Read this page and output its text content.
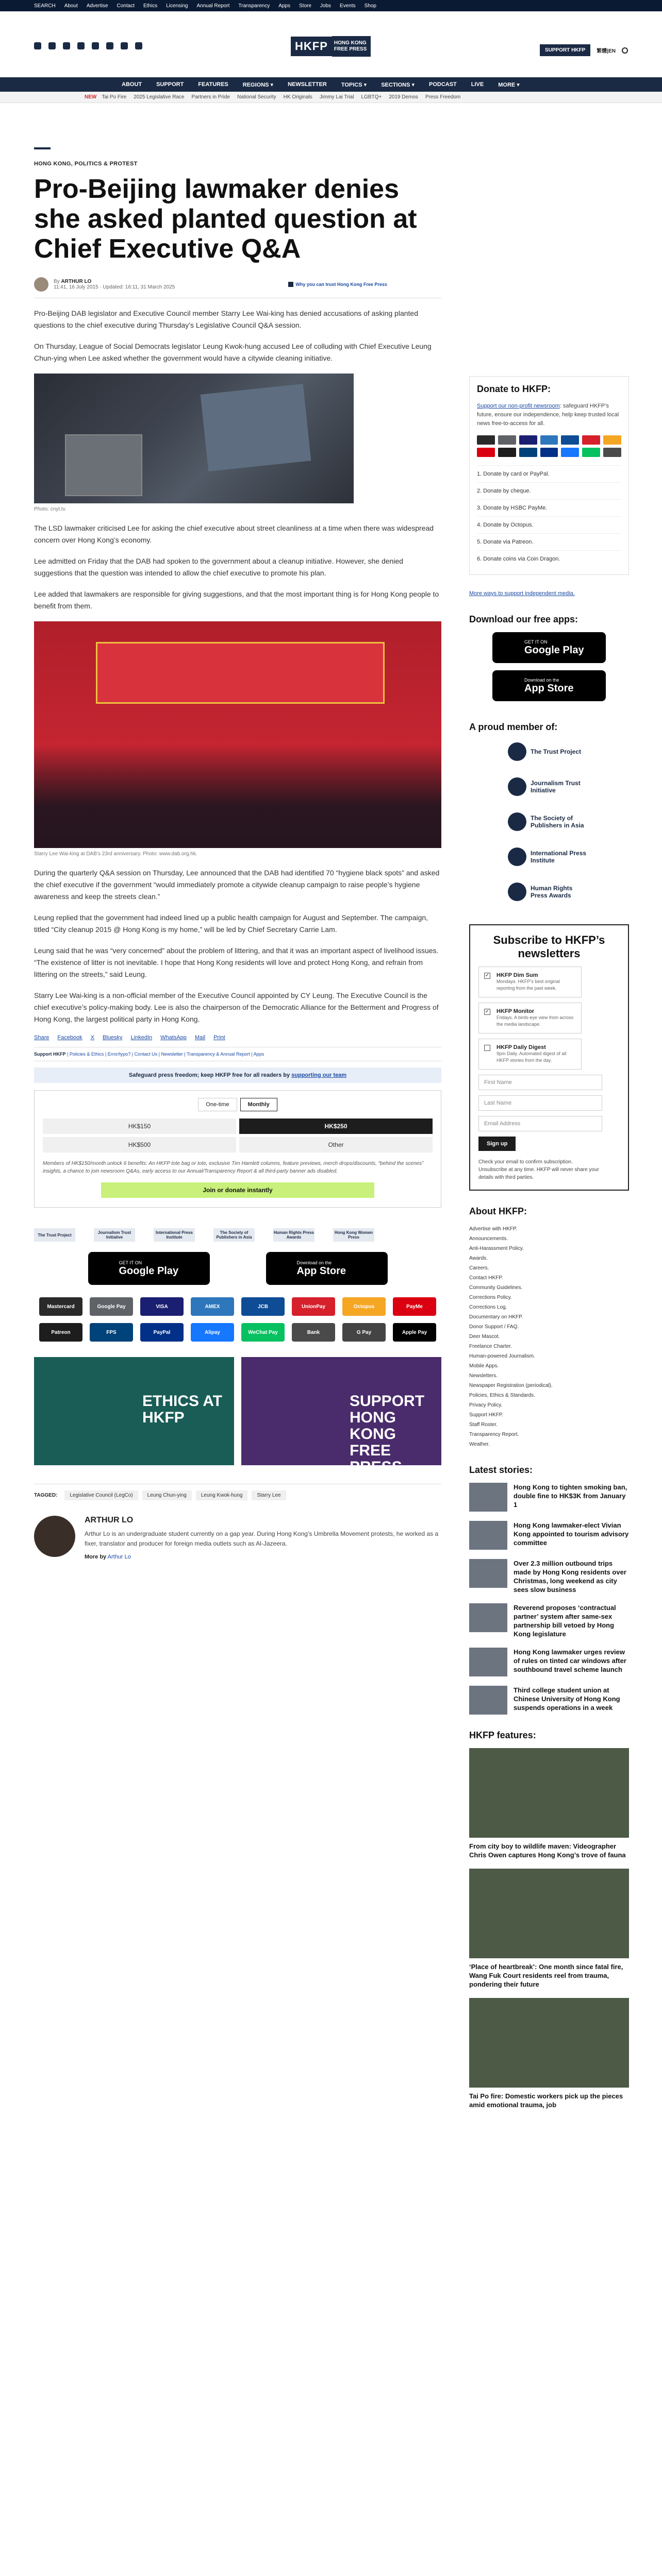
SEARCH About Advertise Contact Ethics Licensing Annual Report Transparency Apps Store Jobs Events Shop
HKFP	HONG KONG
FREE PRESS	SUPPORT HKFP	繁體|EN
ABOUT	SUPPORT	FEATURES	REGIONS ▾	NEWSLETTER	TOPICS ▾	SECTIONS ▾	PODCAST	LIVE	MORE ▾
NEW Tai Po Fire 2025 Legislative Race Partners in Pride National Security HK Originals Jimmy Lai Trial LGBTQ+ 2019 Demos Press Freedom
HONG KONG, POLITICS & PROTEST
Pro-Beijing lawmaker denies she asked planted question at Chief Executive Q&A
By ARTHUR LO
11:41, 16 July 2015 · Updated: 16:11, 31 March 2025	Why you can trust Hong Kong Free Press

Pro-Beijing DAB legislator and Executive Council member Starry Lee Wai-king has denied accusations of asking planted questions to the chief executive during Thursday’s Legislative Council Q&A session.

On Thursday, League of Social Democrats legislator Leung Kwok-hung accused Lee of colluding with Chief Executive Leung Chun-ying when Lee asked whether the government would have a citywide cleaning initiative.

Photo: cnyt.tv.

The LSD lawmaker criticised Lee for asking the chief executive about street cleanliness at a time when there was widespread concern over Hong Kong’s economy.

Lee admitted on Friday that the DAB had spoken to the government about a cleanup initiative. However, she denied suggestions that the question was intended to allow the chief executive to promote his plan.

Lee added that lawmakers are responsible for giving suggestions, and that the most important thing is for Hong Kong people to benefit from them.

Starry Lee Wai-king at DAB’s 23rd anniversary. Photo: www.dab.org.hk.

During the quarterly Q&A session on Thursday, Lee announced that the DAB had identified 70 “hygiene black spots” and asked the chief executive if the government “would immediately promote a citywide cleanup campaign to raise people’s hygiene awareness and keep the streets clean.”

Leung replied that the government had indeed lined up a public health campaign for August and September. The campaign, titled “City cleanup 2015 @ Hong Kong is my home,” will be led by Chief Secretary Carrie Lam.

Leung said that he was “very concerned” about the problem of littering, and that it was an important aspect of livelihood issues. “The existence of litter is not inevitable. I hope that Hong Kong residents will love and protect Hong Kong, and refrain from littering on the streets,” said Leung.

Starry Lee Wai-king is a non-official member of the Executive Council appointed by CY Leung. The Executive Council is the chief executive’s policy-making body. Lee is also the chairperson of the Democratic Alliance for the Betterment and Progress of Hong Kong, the largest political party in Hong Kong.

Share Facebook X Bluesky LinkedIn WhatsApp Mail Print
Support HKFP | Policies & Ethics | Error/typo? | Contact Us | Newsletter | Transparency & Annual Report | Apps
Safeguard press freedom; keep HKFP free for all readers by supporting our team
One-time	Monthly
HK$150	HK$250
HK$500	Other
Members of HK$150/month unlock 6 benefits: An HKFP tote bag or tote, exclusive Tim Hamlett columns, feature previews, merch drops/discounts, “behind the scenes” insights, a chance to join newsroom Q&As, early access to our Annual/Transparency Report & all third-party banner ads disabled.
Join or donate instantly
The Trust Project	Journalism Trust Initiative
International Press Institute
The Society of Publishers in Asia
Human Rights Press Awards
Hong Kong Women Press
GET IT ON
Google Play
Download on the
App Store
Mastercard	Google Pay	VISA	AMEX	JCB	UnionPay	Octopus	PayMe
Patreon	FPS	PayPal	Alipay	WeChat Pay	Bank	G Pay	Apple Pay
ETHICS AT HKFP
SUPPORT HONG KONG FREE PRESS
TAGGED:	Legislative Council (LegCo)	Leung Chun-ying	Leung Kwok-hung	Starry Lee
ARTHUR LO
Arthur Lo is an undergraduate student currently on a gap year. During Hong Kong’s Umbrella Movement protests, he worked as a fixer, translator and producer for foreign media outlets such as Al-Jazeera.
More by Arthur Lo
Donate to HKFP:
Support our non-profit newsroom: safeguard HKFP’s future, ensure our independence, help keep trusted local news free-to-access for all.
1. Donate by card or PayPal.
2. Donate by cheque.
3. Donate by HSBC PayMe.
4. Donate by Octopus.
5. Donate via Patreon.
6. Donate coins via Coin Dragon.
More ways to support independent media.
Download our free apps:
GET IT ON
Google Play
Download on the
App Store
A proud member of:
The Trust Project
Journalism Trust Initiative
The Society of Publishers in Asia
International Press Institute
Human Rights Press Awards
Subscribe to HKFP’s newsletters
✓ HKFP Dim Sum
Mondays. HKFP’s best original reporting from the past week.
✓ HKFP Monitor
Fridays. A birds-eye view from across the media landscape.
HKFP Daily Digest
9pm Daily. Automated digest of all HKFP stories from the day.
First Name
Last Name
Email Address
Sign up
Check your email to confirm subscription. Unsubscribe at any time. HKFP will never share your details with third parties.
About HKFP:
Advertise with HKFP.
Announcements.
Anti-Harassment Policy.
Awards.
Careers.
Contact HKFP.
Community Guidelines.
Corrections Policy.
Corrections Log.
Documentary on HKFP.
Donor Support / FAQ.
Deer Mascot.
Freelance Charter.
Human-powered Journalism.
Mobile Apps.
Newsletters.
Newspaper Registration (periodical).
Policies, Ethics & Standards.
Privacy Policy.
Support HKFP.
Staff Roster.
Transparency Report.
Weather.
Latest stories:
Hong Kong to tighten smoking ban, double fine to HK$3K from January 1
Hong Kong lawmaker-elect Vivian Kong appointed to tourism advisory committee
Over 2.3 million outbound trips made by Hong Kong residents over Christmas, long weekend as city sees slow business
Reverend proposes ‘contractual partner’ system after same-sex partnership bill vetoed by Hong Kong legislature
Hong Kong lawmaker urges review of rules on tinted car windows after southbound travel scheme launch
Third college student union at Chinese University of Hong Kong suspends operations in a week
HKFP features:
From city boy to wildlife maven: Videographer Chris Owen captures Hong Kong’s trove of fauna
‘Place of heartbreak’: One month since fatal fire, Wang Fuk Court residents reel from trauma, pondering their future
Tai Po fire: Domestic workers pick up the pieces amid emotional trauma, job
